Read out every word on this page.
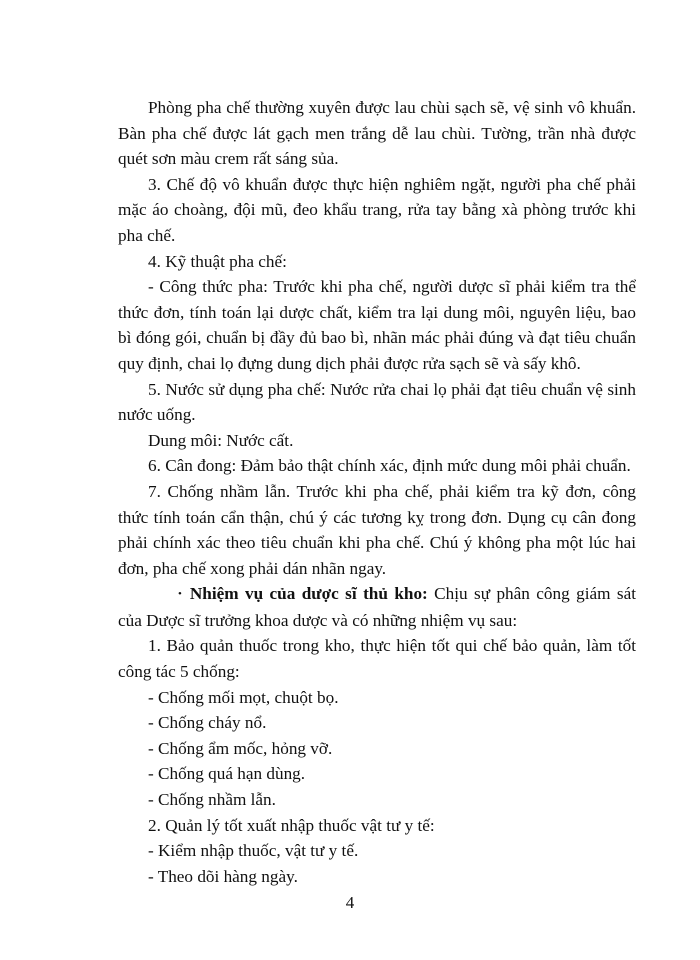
Phòng pha chế thường xuyên được lau chùi sạch sẽ, vệ sinh vô khuẩn. Bàn pha chế được lát gạch men trắng dễ lau chùi. Tường, trần nhà được quét sơn màu crem rất sáng sủa.

3. Chế độ vô khuẩn được thực hiện nghiêm ngặt, người pha chế phải mặc áo choàng, đội mũ, đeo khẩu trang, rửa tay bằng xà phòng trước khi pha chế.

4. Kỹ thuật pha chế:

- Công thức pha: Trước khi pha chế, người dược sĩ phải kiểm tra thể thức đơn, tính toán lại dược chất, kiểm tra lại dung môi, nguyên liệu, bao bì đóng gói, chuẩn bị đầy đủ bao bì, nhãn mác phải đúng và đạt tiêu chuẩn quy định, chai lọ đựng dung dịch phải được rửa sạch sẽ và sấy khô.

5. Nước sử dụng pha chế: Nước rửa chai lọ phải đạt tiêu chuẩn vệ sinh nước uống.

Dung môi: Nước cất.

6. Cân đong: Đảm bảo thật chính xác, định mức dung môi phải chuẩn.

7. Chống nhầm lẫn. Trước khi pha chế, phải kiểm tra kỹ đơn, công thức tính toán cẩn thận, chú ý các tương kỵ trong đơn. Dụng cụ cân đong phải chính xác theo tiêu chuẩn khi pha chế. Chú ý không pha một lúc hai đơn, pha chế xong phải dán nhãn ngay.

• Nhiệm vụ của dược sĩ thủ kho: Chịu sự phân công giám sát của Dược sĩ trưởng khoa dược và có những nhiệm vụ sau:

1. Bảo quản thuốc trong kho, thực hiện tốt qui chế bảo quản, làm tốt công tác 5 chống:

- Chống mối mọt, chuột bọ.

- Chống cháy nổ.

- Chống ẩm mốc, hỏng vỡ.

- Chống quá hạn dùng.

- Chống nhầm lẫn.

2. Quản lý tốt xuất nhập thuốc vật tư y tế:

- Kiểm nhập thuốc, vật tư y tế.

- Theo dõi hàng ngày.

4
